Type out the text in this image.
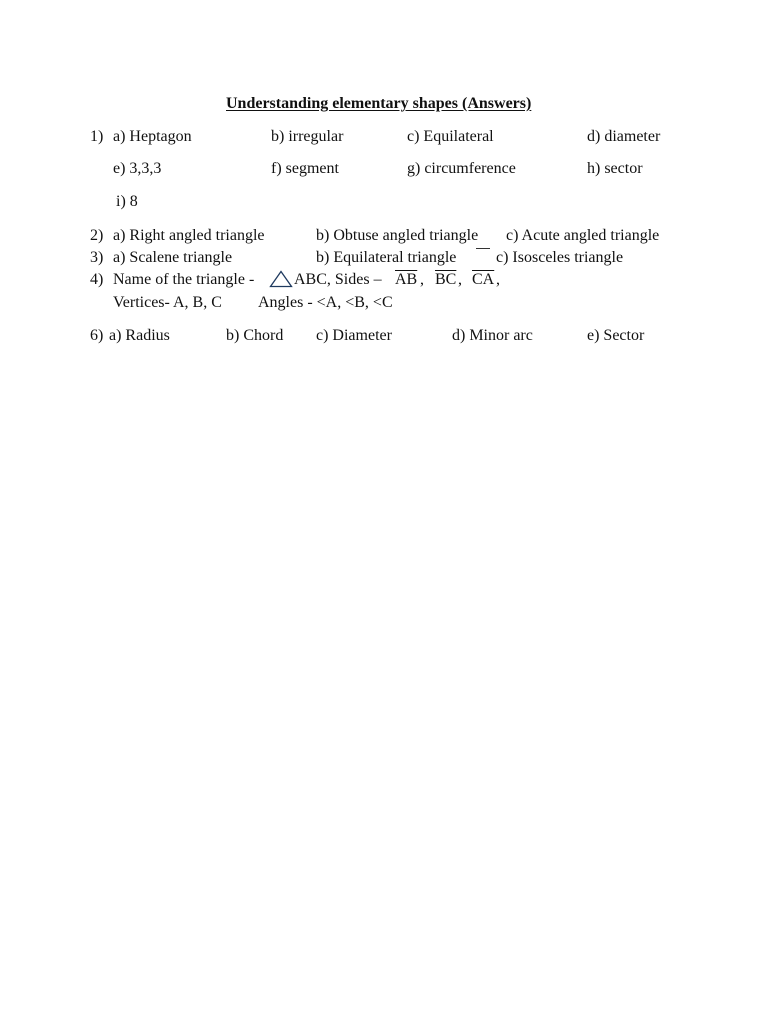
Understanding elementary shapes (Answers)
1) a) Heptagon	b) irregular	c) Equilateral	d) diameter
e) 3,3,3	f) segment	g) circumference	h) sector
i) 8
2) a) Right angled triangle	b) Obtuse angled triangle c) Acute angled triangle
3) a) Scalene triangle	b) Equilateral triangle c) Isosceles triangle
4) Name of the triangle - ABC, Sides – $\overline{AB}$ , $\overline{BC}$ , $\overline{CA}$ ,
Vertices- A, B, C Angles - <A, <B, <C
6) a) Radius	b) Chord c) Diameter	d) Minor arc	e) Sector
